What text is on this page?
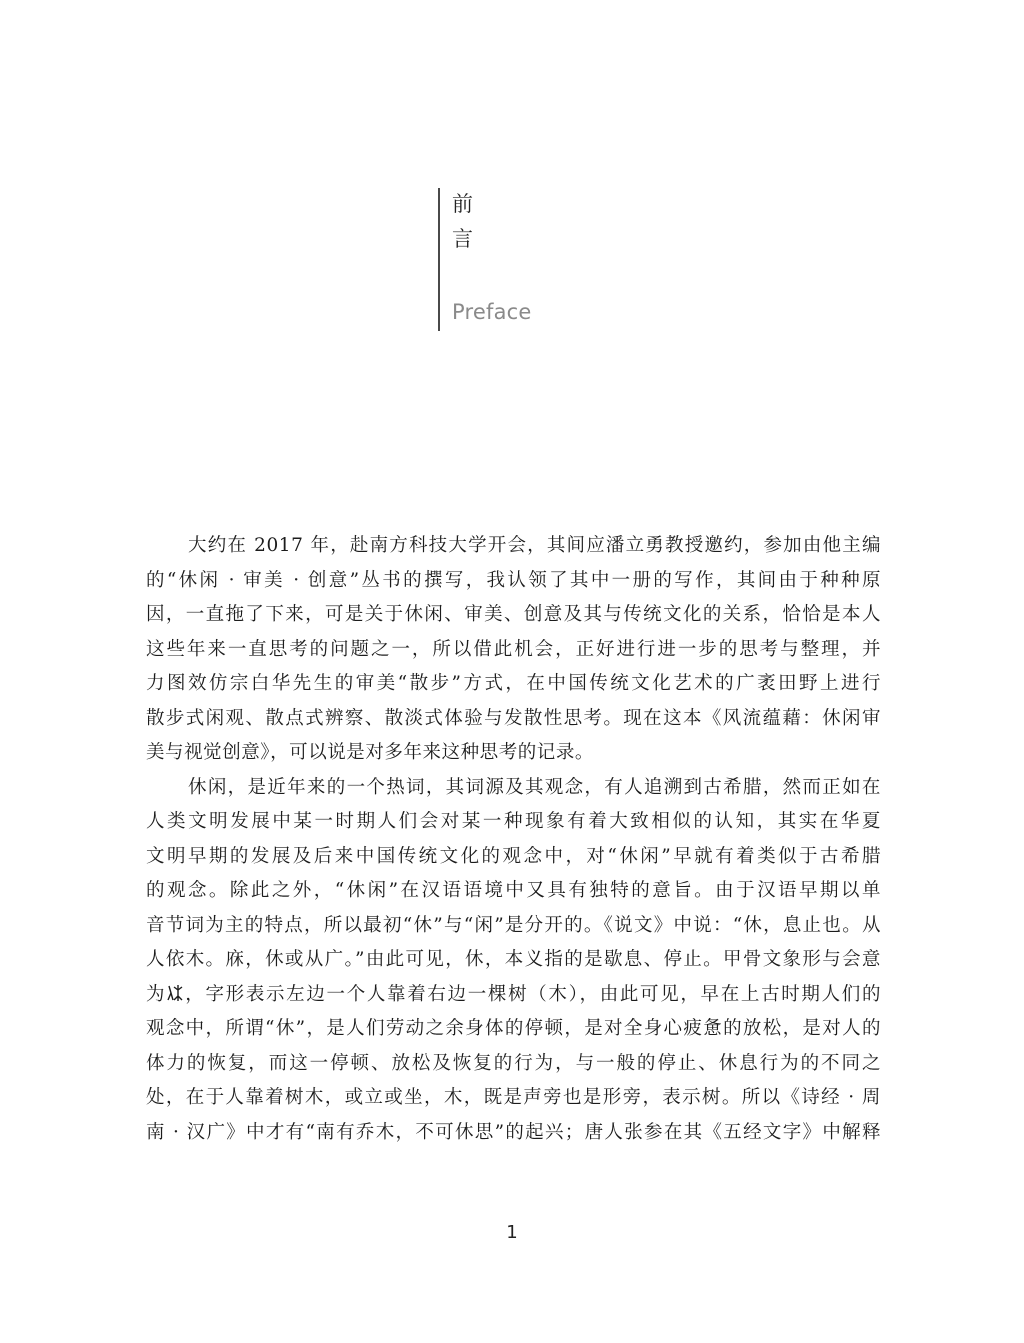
前
言
Preface
大约在 2017 年，赴南方科技大学开会，其间应潘立勇教授邀约，参加由他主编
的“休闲 · 审美 · 创意”丛书的撰写，我认领了其中一册的写作，其间由于种种原
因，一直拖了下来，可是关于休闲、审美、创意及其与传统文化的关系，恰恰是本人
这些年来一直思考的问题之一，所以借此机会，正好进行进一步的思考与整理，并
力图效仿宗白华先生的审美“散步”方式，在中国传统文化艺术的广袤田野上进行
散步式闲观、散点式辨察、散淡式体验与发散性思考。现在这本《风流蕴藉：休闲审
美与视觉创意》，可以说是对多年来这种思考的记录。
休闲，是近年来的一个热词，其词源及其观念，有人追溯到古希腊，然而正如在
人类文明发展中某一时期人们会对某一种现象有着大致相似的认知，其实在华夏
文明早期的发展及后来中国传统文化的观念中，对“休闲”早就有着类似于古希腊
的观念。除此之外，“休闲”在汉语语境中又具有独特的意旨。由于汉语早期以单
音节词为主的特点，所以最初“休”与“闲”是分开的。《说文》中说：“休，息止也。从
人依木。庥，休或从广。”由此可见，休，本义指的是歇息、停止。甲骨文象形与会意
为 ，字形表示左边一个人靠着右边一棵树（木），由此可见，早在上古时期人们的
观念中，所谓“休”，是人们劳动之余身体的停顿，是对全身心疲惫的放松，是对人的
体力的恢复，而这一停顿、放松及恢复的行为，与一般的停止、休息行为的不同之
处，在于人靠着树木，或立或坐，木，既是声旁也是形旁，表示树。所以《诗经 · 周
南 · 汉广》中才有“南有乔木，不可休思”的起兴；唐人张参在其《五经文字》中解释
1
